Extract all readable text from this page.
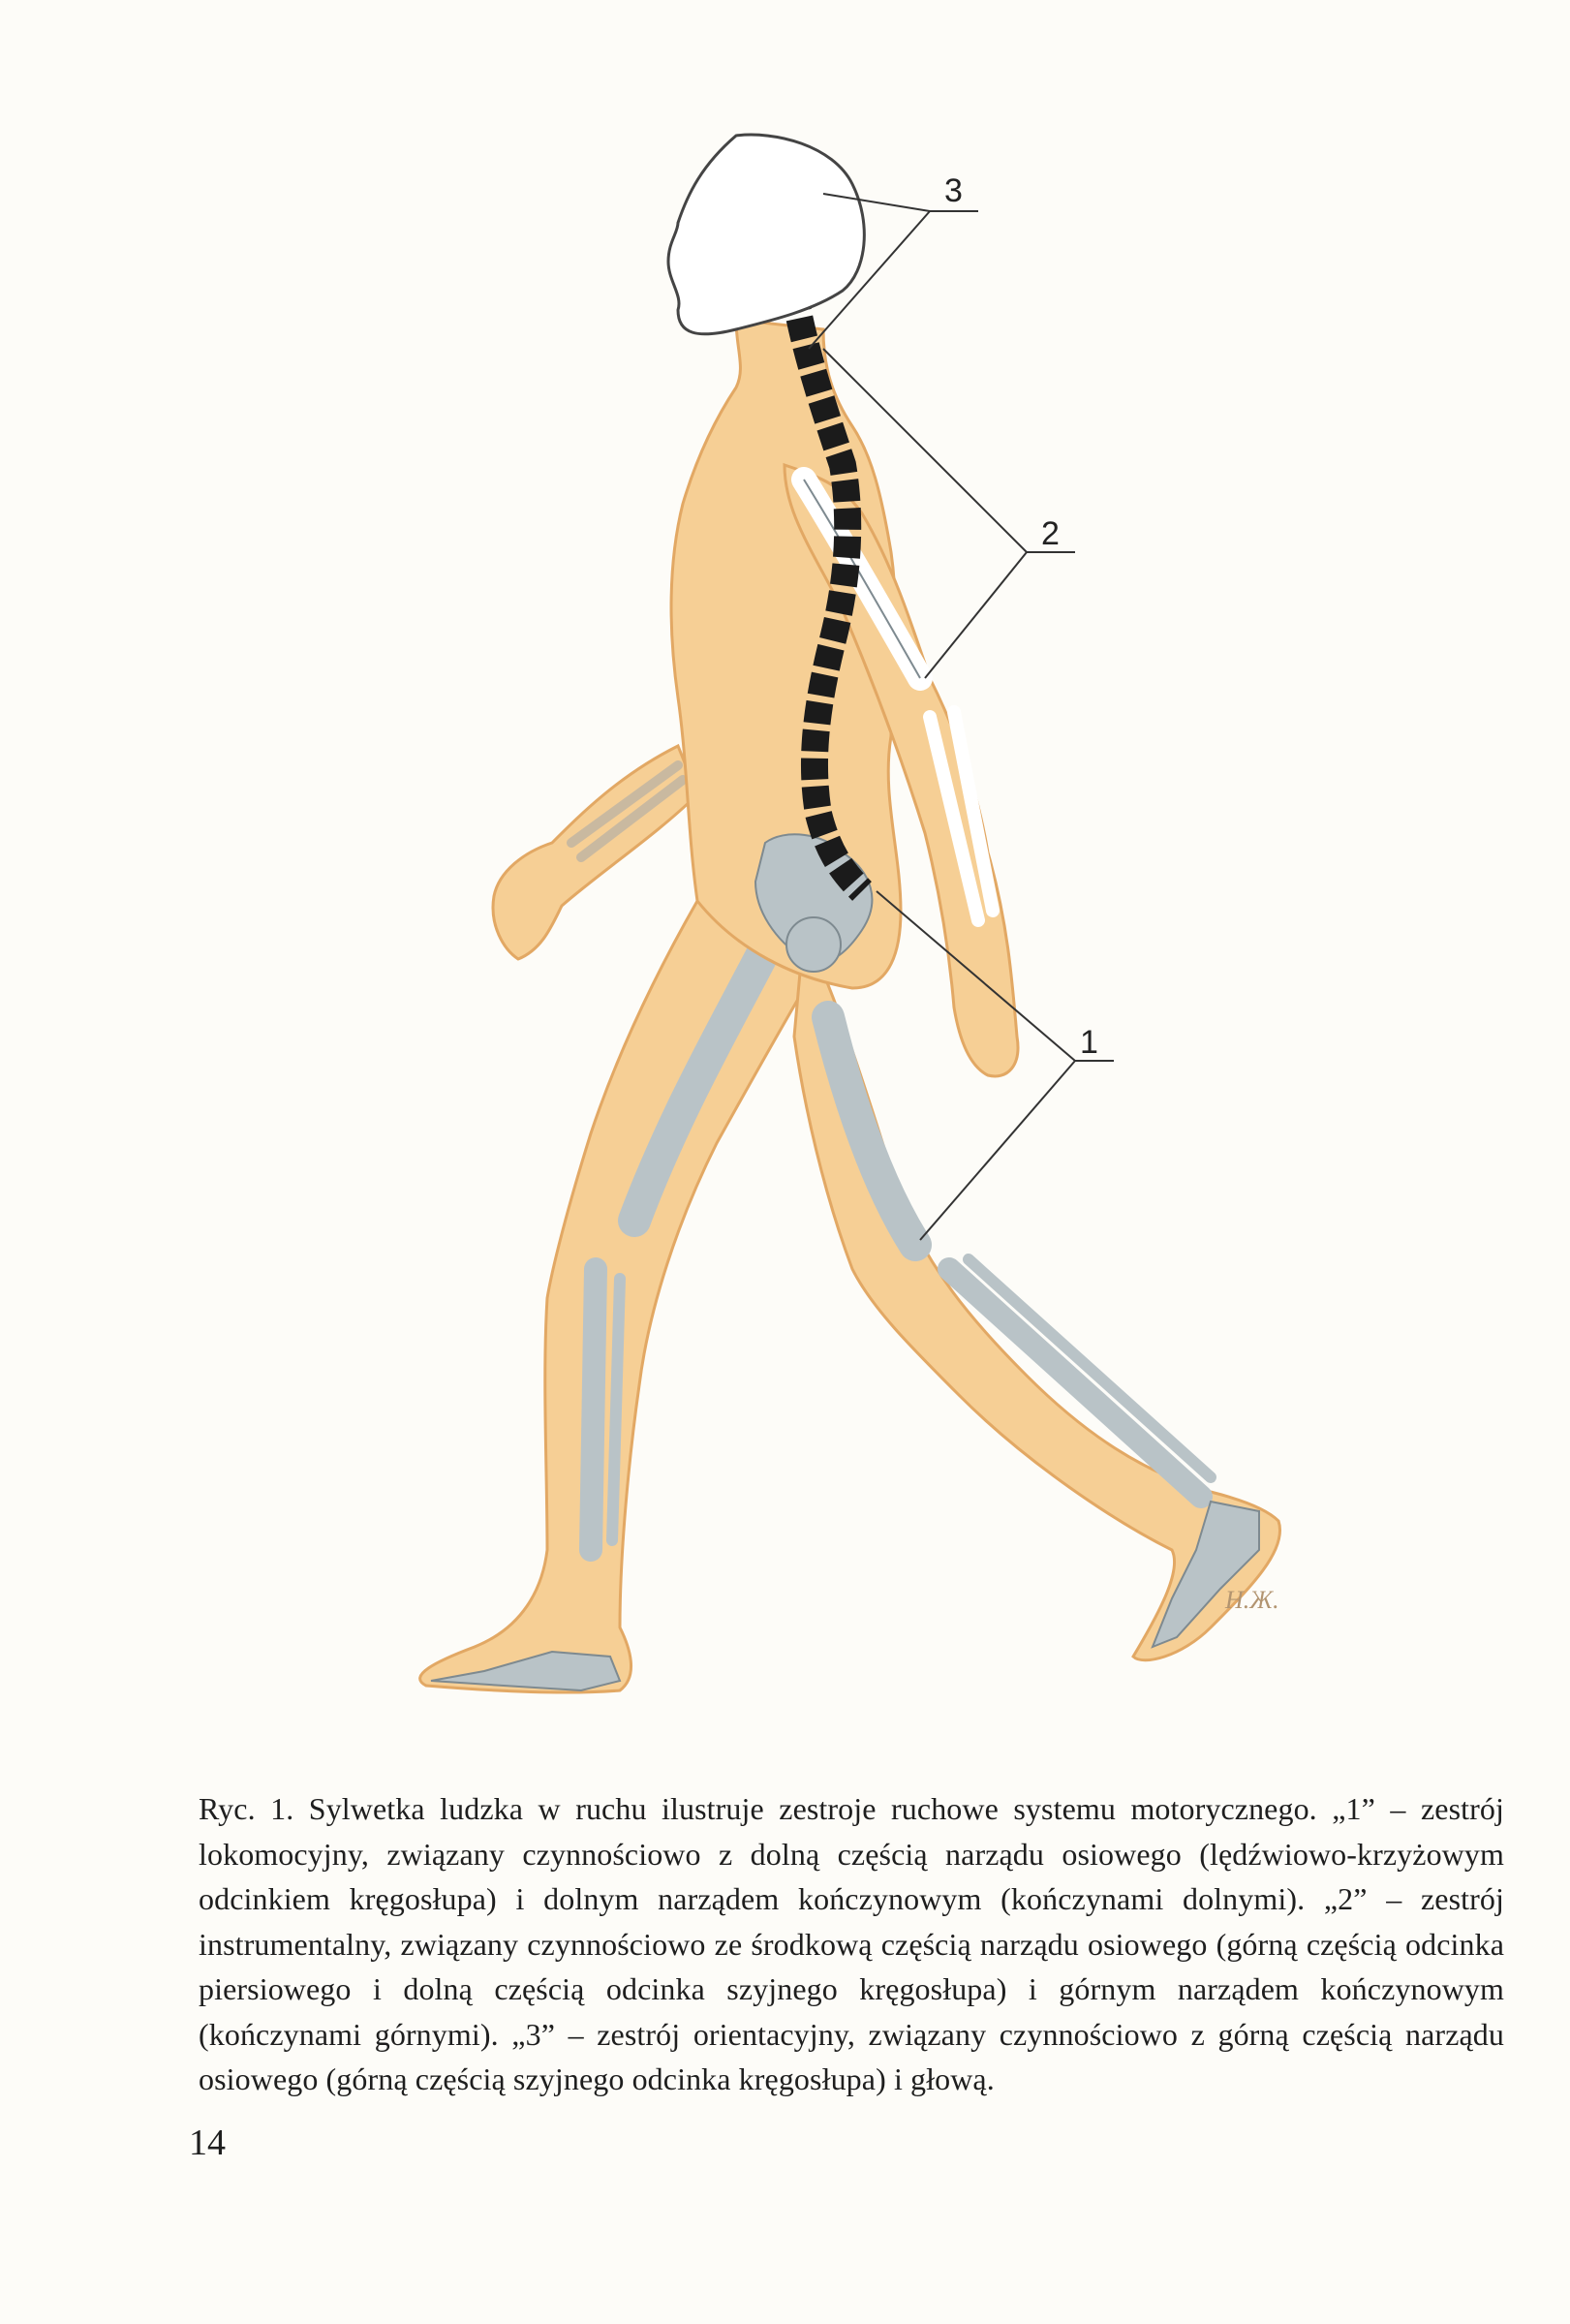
3
2
1
Н.Ж.

Ryc. 1. Sylwetka ludzka w ruchu ilustruje zestroje ruchowe systemu motorycznego. „1” – zestrój lokomocyjny, związany czynnościowo z dolną częścią narządu osiowego (lędźwiowo-krzyżowym odcinkiem kręgosłupa) i dolnym narządem kończynowym (kończynami dolnymi). „2” – zestrój instrumentalny, związany czynnościowo ze środkową częścią narządu osiowego (górną częścią odcinka piersiowego i dolną częścią odcinka szyjnego kręgosłupa) i górnym narządem kończynowym (kończynami górnymi). „3” – zestrój orientacyjny, związany czynnościowo z górną częścią narządu osiowego (górną częścią szyjnego odcinka kręgosłupa) i głową.

14
